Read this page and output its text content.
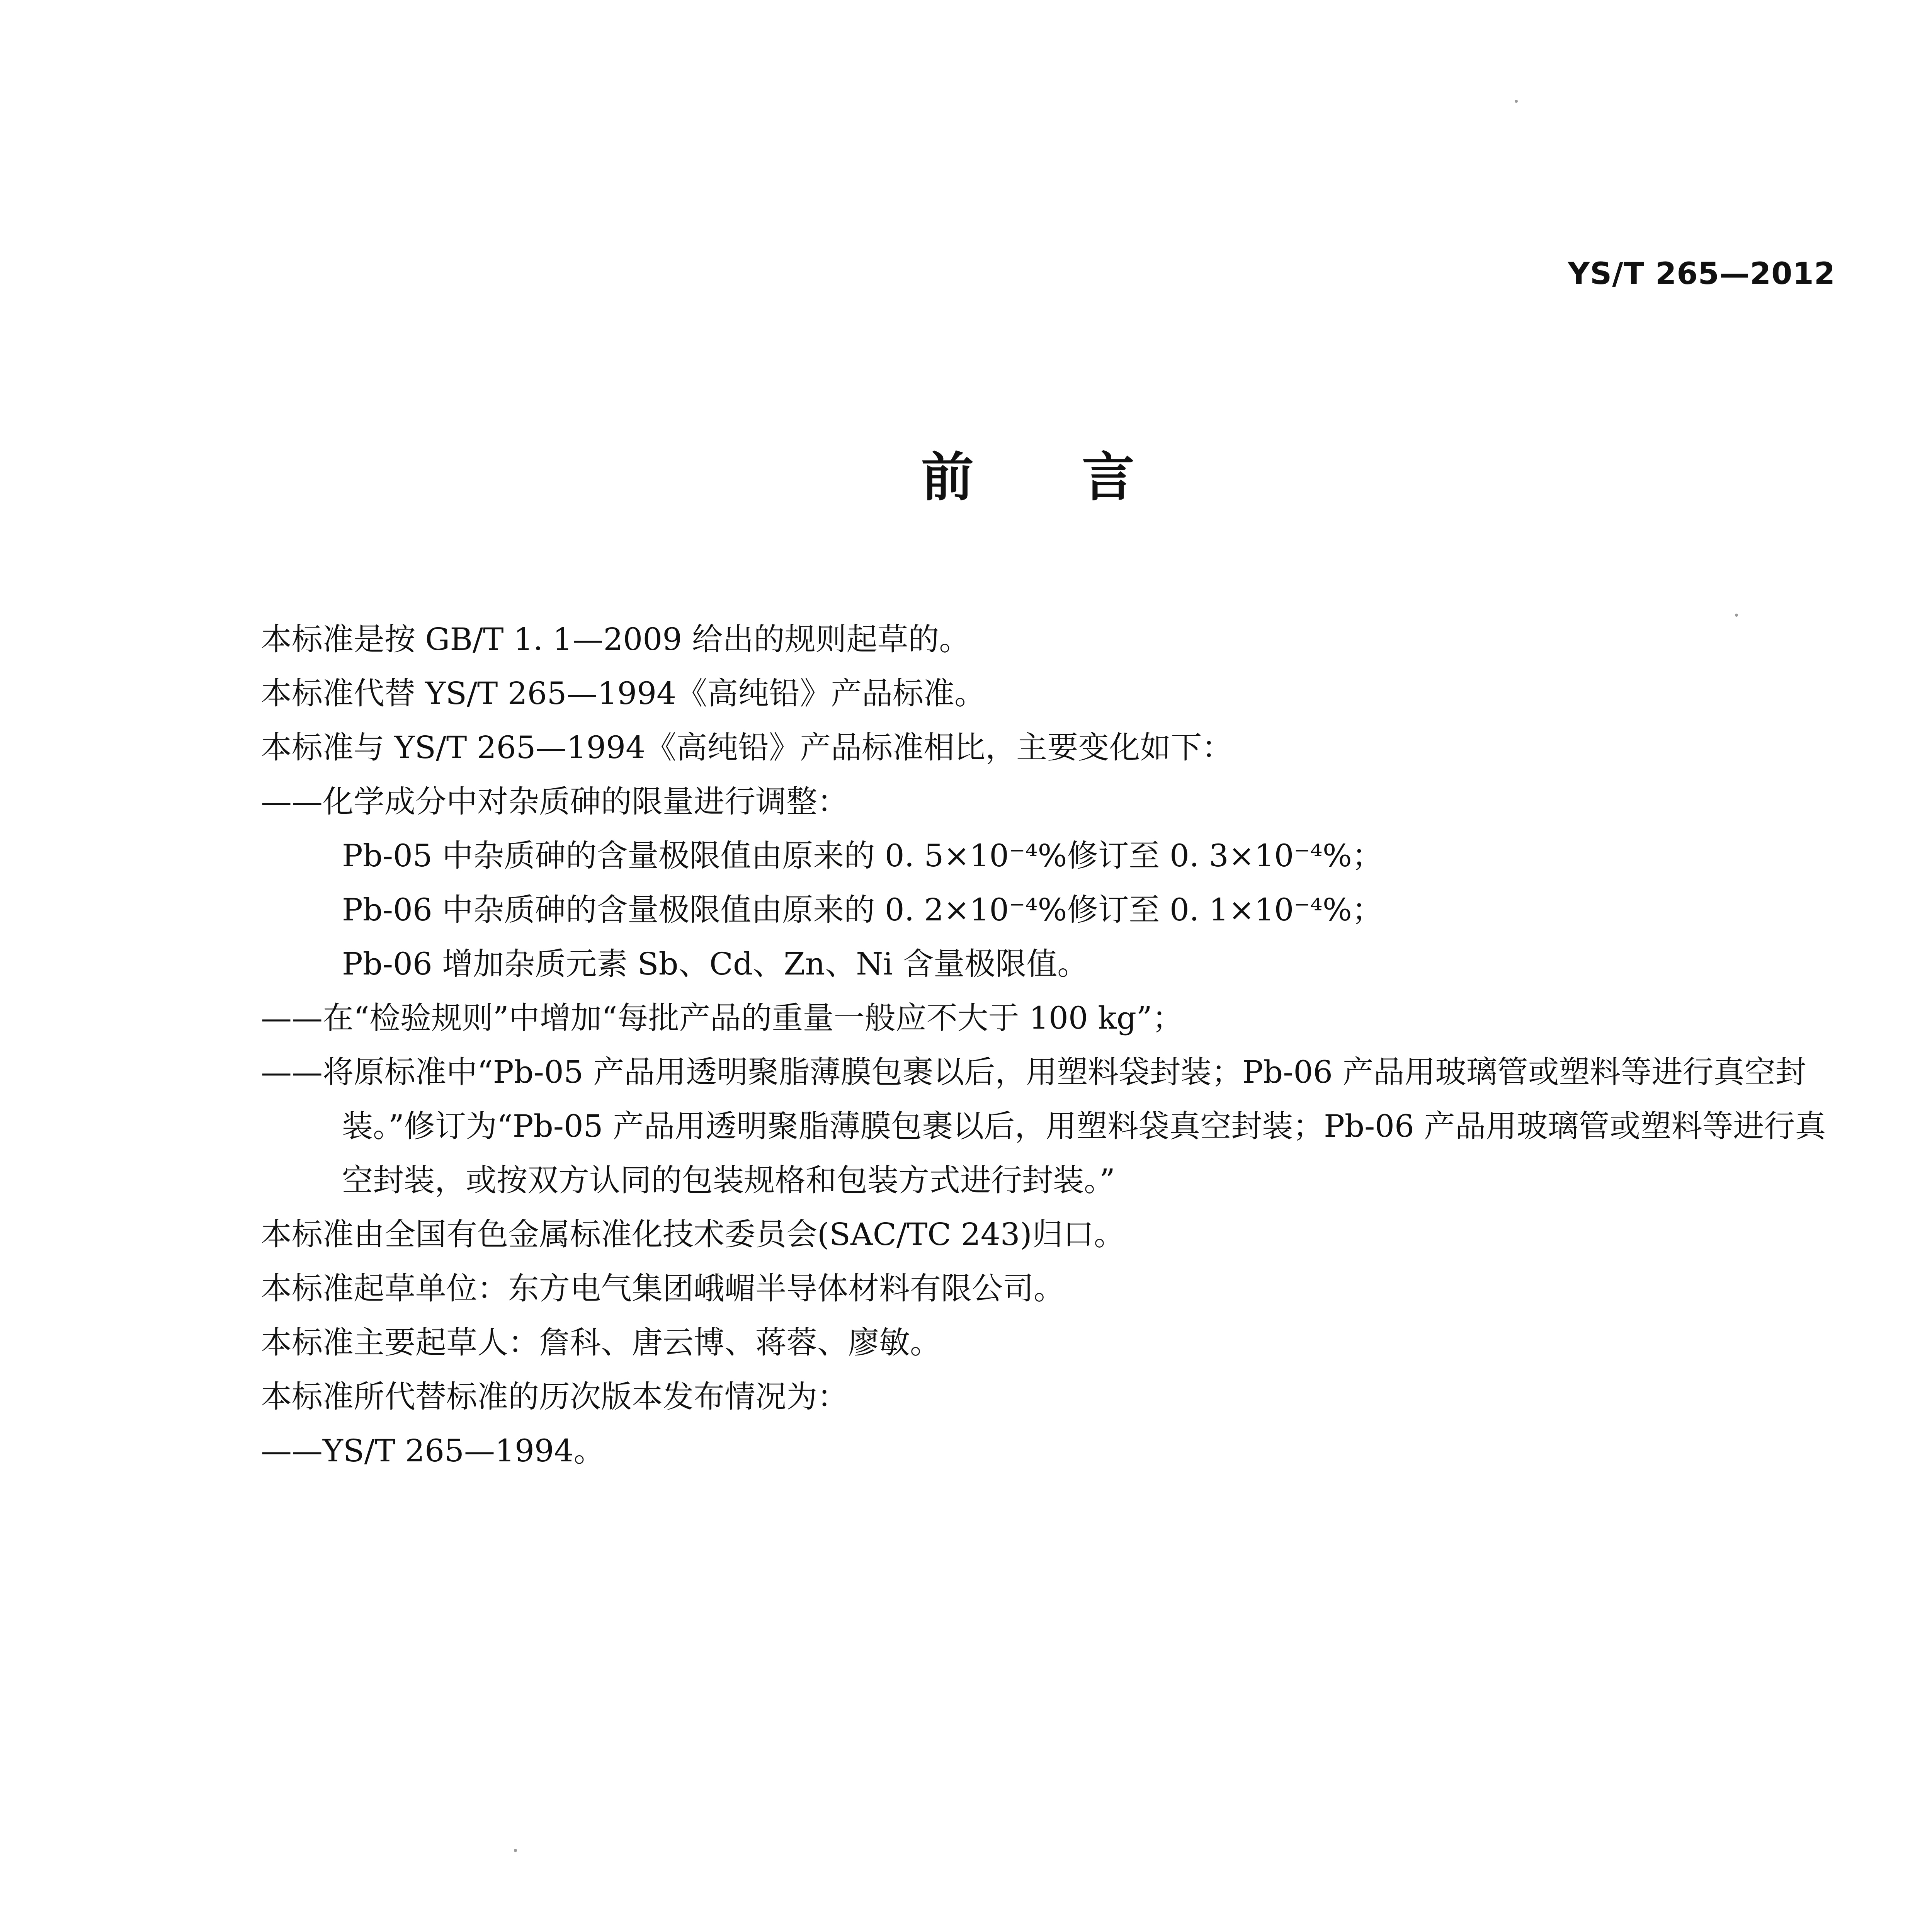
YS/T 265—2012
前言
本标准是按 GB/T 1. 1—2009 给出的规则起草的。
本标准代替 YS/T 265—1994《高纯铅》产品标准。
本标准与 YS/T 265—1994《高纯铅》产品标准相比，主要变化如下：
——化学成分中对杂质砷的限量进行调整：
Pb-05 中杂质砷的含量极限值由原来的 0. 5×10⁻⁴%修订至 0. 3×10⁻⁴%；
Pb-06 中杂质砷的含量极限值由原来的 0. 2×10⁻⁴%修订至 0. 1×10⁻⁴%；
Pb-06 增加杂质元素 Sb、Cd、Zn、Ni 含量极限值。
——在“检验规则”中增加“每批产品的重量一般应不大于 100 kg”；
——将原标准中“Pb-05 产品用透明聚脂薄膜包裹以后，用塑料袋封装；Pb-06 产品用玻璃管或塑料等进行真空封装。”修订为“Pb-05 产品用透明聚脂薄膜包裹以后，用塑料袋真空封装；Pb-06 产品用玻璃管或塑料等进行真空封装，或按双方认同的包装规格和包装方式进行封装。”
本标准由全国有色金属标准化技术委员会(SAC/TC 243)归口。
本标准起草单位：东方电气集团峨嵋半导体材料有限公司。
本标准主要起草人：詹科、唐云博、蒋蓉、廖敏。
本标准所代替标准的历次版本发布情况为：
——YS/T 265—1994。
